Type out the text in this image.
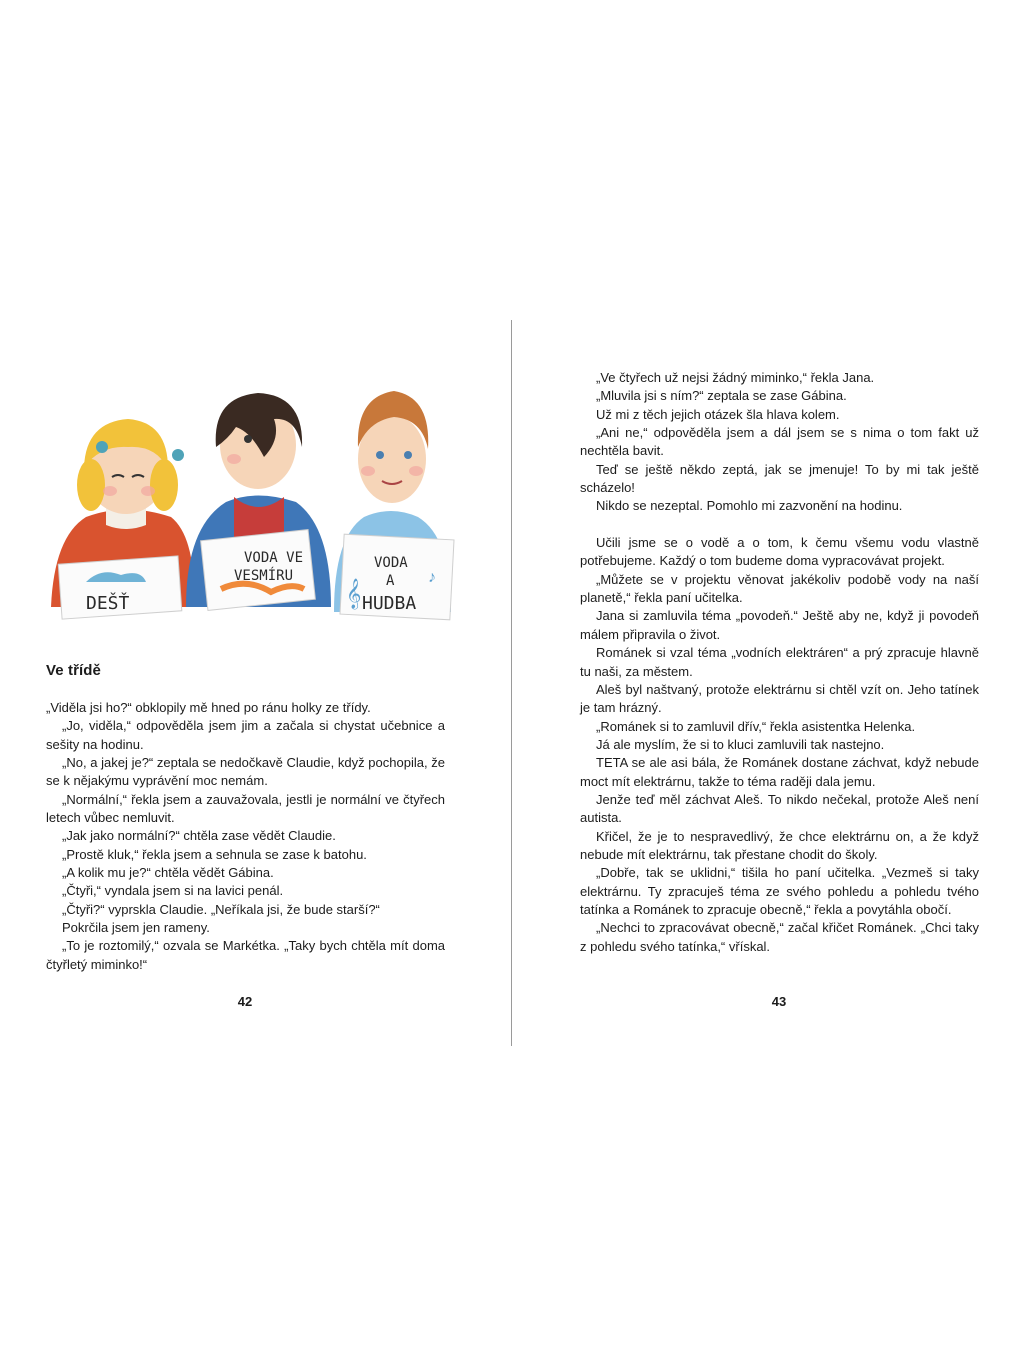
DEŠŤ
VODA VE
VESMÍRU
VODA
A
HUDBA
𝄞
♪
Ve třídě

„Viděla jsi ho?“ obklopily mě hned po ránu holky ze třídy.

„Jo, viděla,“ odpověděla jsem jim a začala si chystat učebnice a sešity na hodinu.

„No, a jakej je?“ zeptala se nedočkavě Claudie, když pochopila, že se k nějakýmu vyprávění moc nemám.

„Normální,“ řekla jsem a zauvažovala, jestli je normální ve čtyřech letech vůbec nemluvit.

„Jak jako normální?“ chtěla zase vědět Claudie.

„Prostě kluk,“ řekla jsem a sehnula se zase k batohu.

„A kolik mu je?“ chtěla vědět Gábina.

„Čtyři,“ vyndala jsem si na lavici penál.

„Čtyři?“ vyprskla Claudie. „Neříkala jsi, že bude starší?“

Pokrčila jsem jen rameny.

„To je roztomilý,“ ozvala se Markétka. „Taky bych chtěla mít doma čtyřletý miminko!“

42

„Ve čtyřech už nejsi žádný miminko,“ řekla Jana.

„Mluvila jsi s ním?“ zeptala se zase Gábina.

Už mi z těch jejich otázek šla hlava kolem.

„Ani ne,“ odpověděla jsem a dál jsem se s nima o tom fakt už nechtěla bavit.

Teď se ještě někdo zeptá, jak se jmenuje! To by mi tak ještě scházelo!

Nikdo se nezeptal. Pomohlo mi zazvonění na hodinu.

Učili jsme se o vodě a o tom, k čemu všemu vodu vlastně potřebujeme. Každý o tom budeme doma vypracovávat projekt.

„Můžete se v projektu věnovat jakékoliv podobě vody na naší planetě,“ řekla paní učitelka.

Jana si zamluvila téma „povodeň.“ Ještě aby ne, když ji povodeň málem připravila o život.

Románek si vzal téma „vodních elektráren“ a prý zpracuje hlavně tu naši, za městem.

Aleš byl naštvaný, protože elektrárnu si chtěl vzít on. Jeho tatínek je tam hrázný.

„Románek si to zamluvil dřív,“ řekla asistentka Helenka.

Já ale myslím, že si to kluci zamluvili tak nastejno.

TETA se ale asi bála, že Románek dostane záchvat, když nebude moct mít elektrárnu, takže to téma raději dala jemu.

Jenže teď měl záchvat Aleš. To nikdo nečekal, protože Aleš není autista.

Křičel, že je to nespravedlivý, že chce elektrárnu on, a že když nebude mít elektrárnu, tak přestane chodit do školy.

„Dobře, tak se uklidni,“ tišila ho paní učitelka. „Vezmeš si taky elektrárnu. Ty zpracuješ téma ze svého pohledu a pohledu tvého tatínka a Románek to zpracuje obecně,“ řekla a povytáhla obočí.

„Nechci to zpracovávat obecně,“ začal křičet Románek. „Chci taky z pohledu svého tatínka,“ vřískal.

43
